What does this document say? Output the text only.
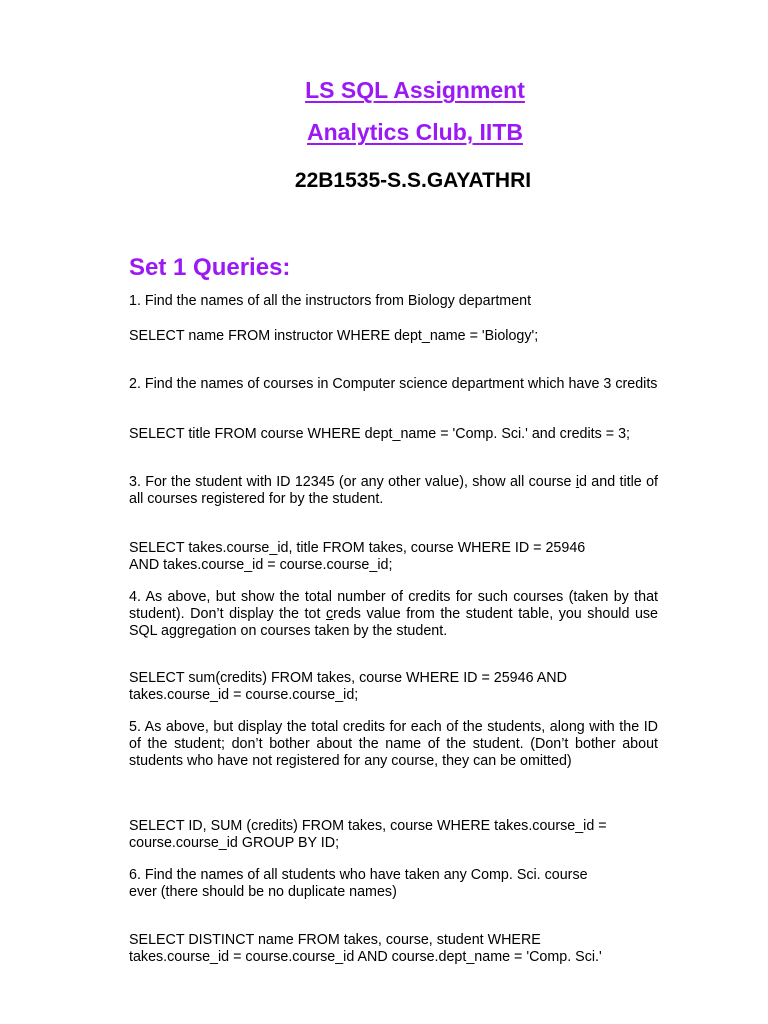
LS SQL Assignment
Analytics Club, IITB
22B1535-S.S.GAYATHRI
Set 1 Queries:
1. Find the names of all the instructors from Biology department
SELECT name FROM instructor WHERE dept_name = 'Biology';
2. Find the names of courses in Computer science department which have 3 credits
SELECT title FROM course WHERE dept_name = 'Comp. Sci.' and credits = 3;
3. For the student with ID 12345 (or any other value), show all course id and title of all courses registered for by the student.
SELECT takes.course_id, title FROM takes, course WHERE ID = 25946
AND takes.course_id = course.course_id;
4. As above, but show the total number of credits for such courses (taken by that student). Don’t display the tot creds value from the student table, you should use SQL aggregation on courses taken by the student.
SELECT sum(credits) FROM takes, course WHERE ID = 25946 AND
takes.course_id = course.course_id;
5. As above, but display the total credits for each of the students, along with the ID of the student; don’t bother about the name of the student. (Don’t bother about students who have not registered for any course, they can be omitted)
SELECT ID, SUM (credits) FROM takes, course WHERE takes.course_id =
course.course_id GROUP BY ID;
6. Find the names of all students who have taken any Comp. Sci. course
ever (there should be no duplicate names)
SELECT DISTINCT name FROM takes, course, student WHERE
takes.course_id = course.course_id AND course.dept_name = 'Comp. Sci.'
